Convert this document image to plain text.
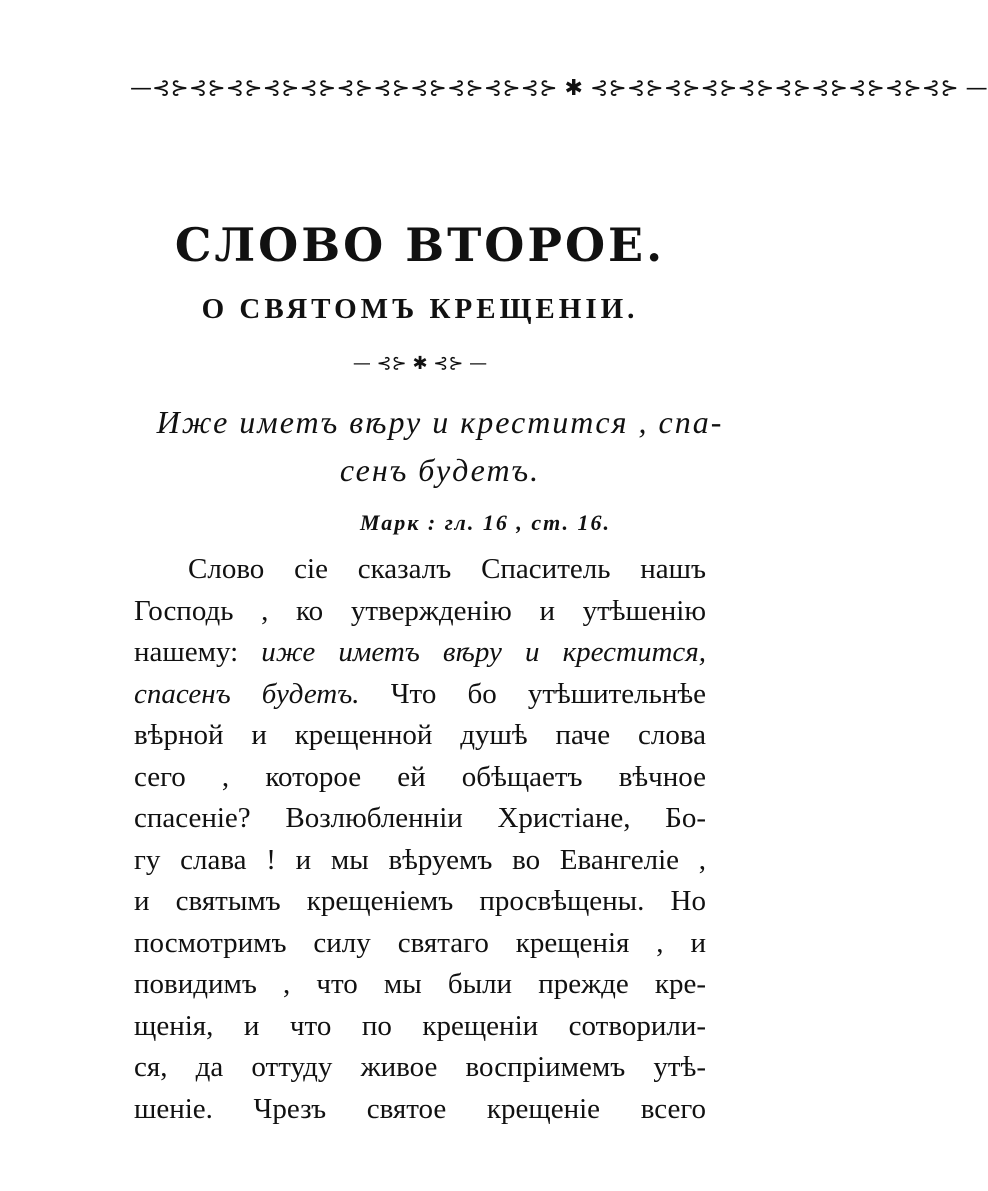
—⊰⊱⊰⊱⊰⊱⊰⊱⊰⊱⊰⊱⊰⊱⊰⊱⊰⊱⊰⊱⊰⊱ ✱ ⊰⊱⊰⊱⊰⊱⊰⊱⊰⊱⊰⊱⊰⊱⊰⊱⊰⊱⊰⊱ —
СЛОВО ВТОРОЕ.
О СВЯТОМЪ КРЕЩЕНІИ.
— ⊰⊱ ✱ ⊰⊱ —
Иже иметъ вѣру и крестится , спа-
сенъ будетъ.
Марк : гл. 16 , ст. 16.
Слово сіе сказалъ Спаситель нашъ
Господь , ко утвержденію и утѣшенію
нашему: иже иметъ вѣру и крестится,
спасенъ будетъ. Что бо утѣшительнѣе
вѣрной и крещенной душѣ паче слова
сего , которое ей обѣщаетъ вѣчное
спасеніе? Возлюбленнiи Христiане, Бо-
гу слава ! и мы вѣруемъ во Евангеліе ,
и святымъ крещеніемъ просвѣщены. Но
посмотримъ силу святаго крещенія , и
повидимъ , что мы были прежде кре-
щенія, и что по крещеніи сотворили-
ся, да оттуду живое воспріимемъ утѣ-
шеніе. Чрезъ святое крещеніе всего
